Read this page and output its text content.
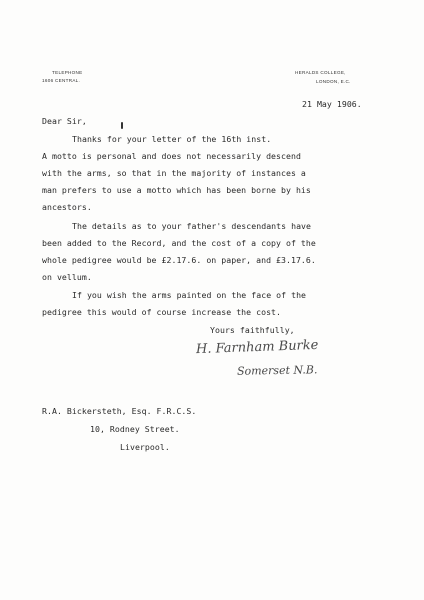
TELEPHONE
1606 CENTRAL.
HERALDS COLLEGE,
LONDON, E.C.
21 May 1906.
Dear Sir,
Thanks for your letter of the 16th inst.
A motto is personal and does not necessarily descend
with the arms, so that in the majority of instances a
man prefers to use a motto which has been borne by his
ancestors.
The details as to your father's descendants have
been added to the Record, and the cost of a copy of the
whole pedigree would be £2.17.6. on paper, and £3.17.6.
on vellum.
If you wish the arms painted on the face of the
pedigree this would of course increase the cost.
Yours faithfully,
H. Farnham Burke
Somerset N.B.
R.A. Bickersteth, Esq. F.R.C.S.
10, Rodney Street.
Liverpool.
